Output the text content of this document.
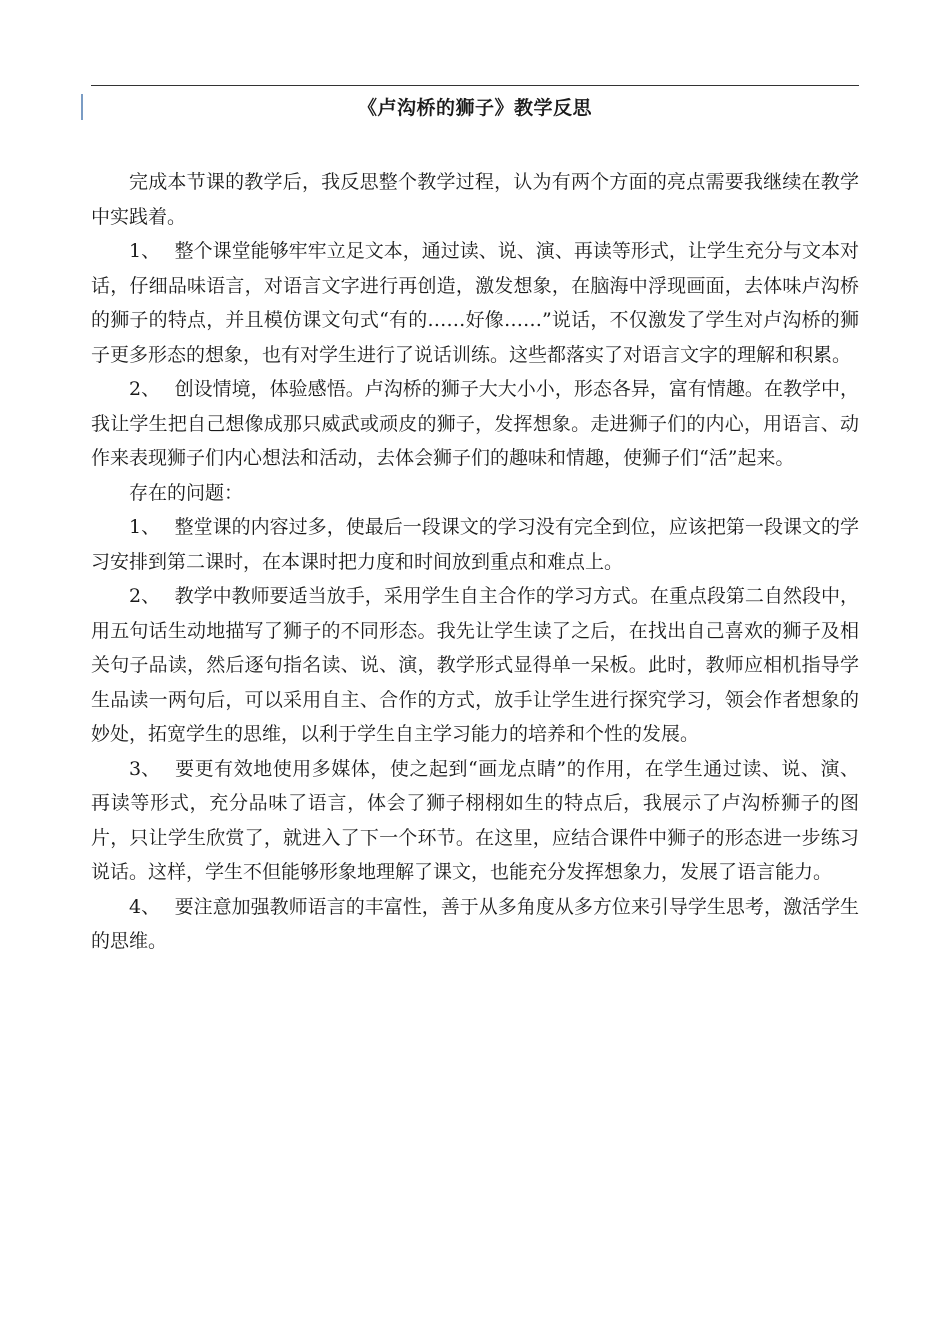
《卢沟桥的狮子》教学反思

完成本节课的教学后，我反思整个教学过程，认为有两个方面的亮点需要我继续在教学中实践着。

1、 整个课堂能够牢牢立足文本，通过读、说、演、再读等形式，让学生充分与文本对话，仔细品味语言，对语言文字进行再创造，激发想象，在脑海中浮现画面，去体味卢沟桥的狮子的特点，并且模仿课文句式“有的……好像……”说话，不仅激发了学生对卢沟桥的狮子更多形态的想象，也有对学生进行了说话训练。这些都落实了对语言文字的理解和积累。

2、 创设情境，体验感悟。卢沟桥的狮子大大小小，形态各异，富有情趣。在教学中，我让学生把自己想像成那只威武或顽皮的狮子，发挥想象。走进狮子们的内心，用语言、动作来表现狮子们内心想法和活动，去体会狮子们的趣味和情趣，使狮子们“活”起来。

存在的问题：

1、 整堂课的内容过多，使最后一段课文的学习没有完全到位，应该把第一段课文的学习安排到第二课时，在本课时把力度和时间放到重点和难点上。

2、 教学中教师要适当放手，采用学生自主合作的学习方式。在重点段第二自然段中，用五句话生动地描写了狮子的不同形态。我先让学生读了之后，在找出自己喜欢的狮子及相关句子品读，然后逐句指名读、说、演，教学形式显得单一呆板。此时，教师应相机指导学生品读一两句后，可以采用自主、合作的方式，放手让学生进行探究学习，领会作者想象的妙处，拓宽学生的思维，以利于学生自主学习能力的培养和个性的发展。

3、 要更有效地使用多媒体，使之起到“画龙点睛”的作用，在学生通过读、说、演、再读等形式，充分品味了语言，体会了狮子栩栩如生的特点后，我展示了卢沟桥狮子的图片，只让学生欣赏了，就进入了下一个环节。在这里，应结合课件中狮子的形态进一步练习说话。这样，学生不但能够形象地理解了课文，也能充分发挥想象力，发展了语言能力。

4、 要注意加强教师语言的丰富性，善于从多角度从多方位来引导学生思考，激活学生的思维。
